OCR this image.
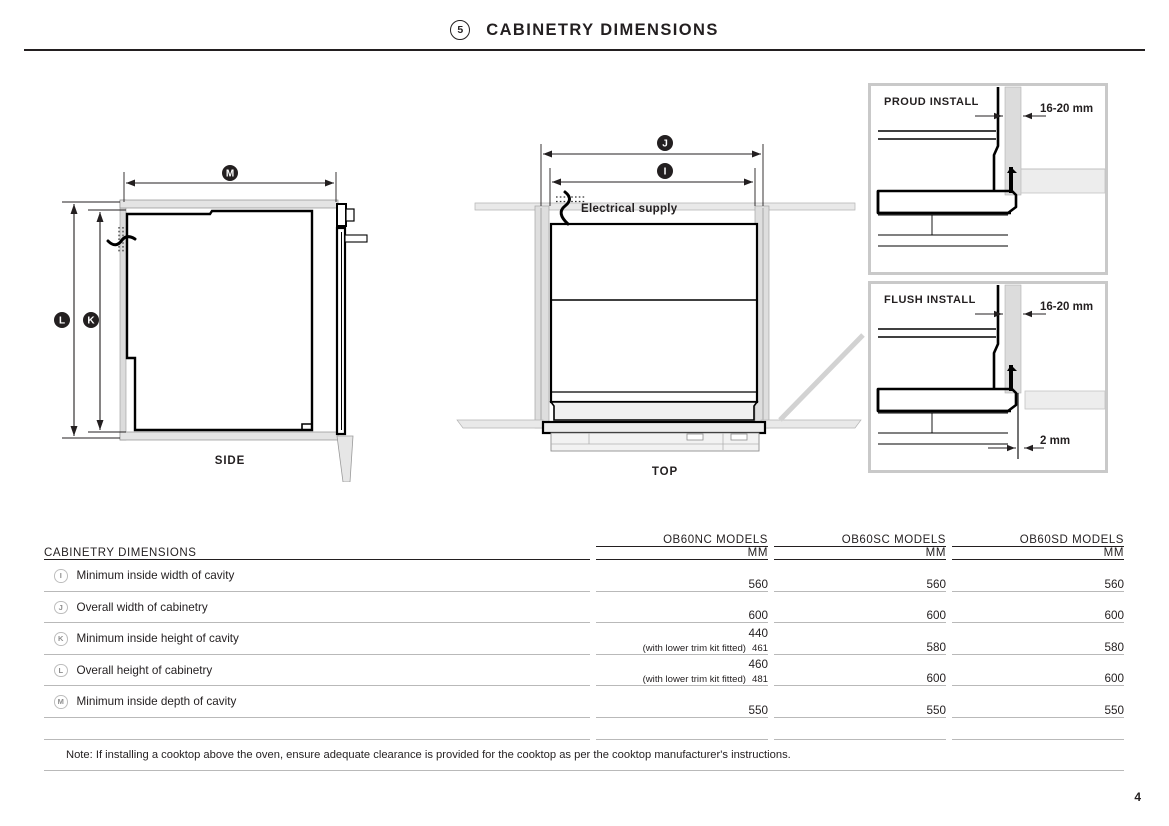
5	CABINETRY DIMENSIONS
M
L K
SIDE
Electrical supply
J
I
TOP
16-20 mm
PROUD INSTALL
16-20 mm
2 mm
FLUSH INSTALL
		OB60NC MODELS		OB60SC MODELS		OB60SD MODELS
CABINETRY DIMENSIONS		MM		MM		MM

I Minimum inside width of cavity		560		560		560

J Overall width of cabinetry		600		600		600

K Minimum inside height of cavity		440
(with lower trim kit fitted) 461		580		580

L Overall height of cabinetry		460
(with lower trim kit fitted) 481		600		600

M Minimum inside depth of cavity		550		550		550

Note: If installing a cooktop above the oven, ensure adequate clearance is provided for the cooktop as per the cooktop manufacturer's instructions.						
4
